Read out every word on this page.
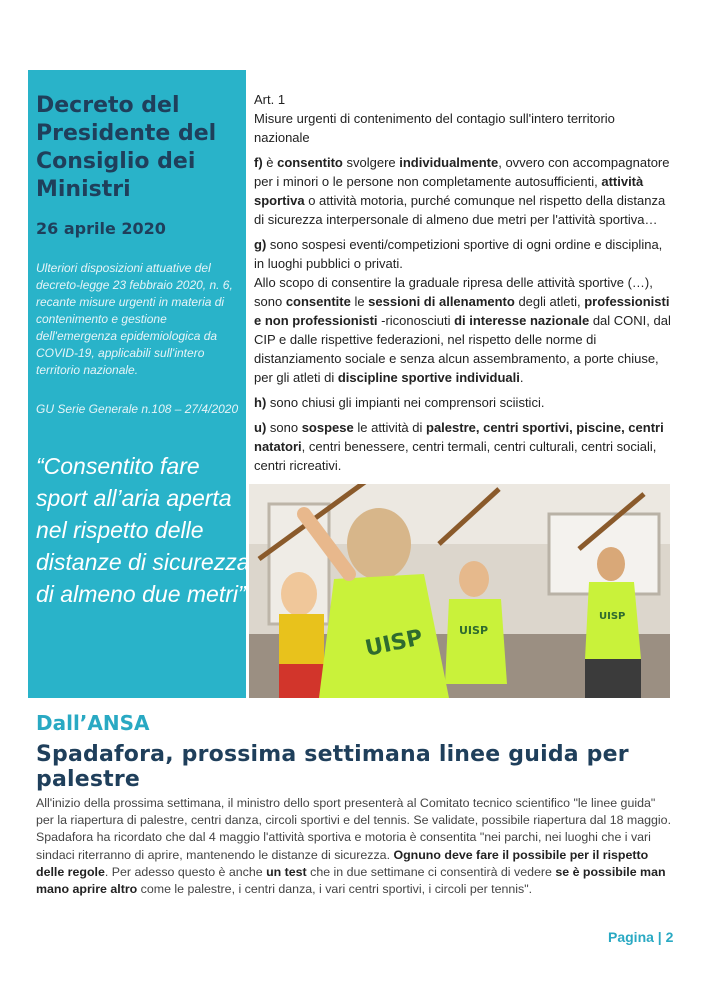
Decreto del Presidente del Consiglio dei Ministri

26 aprile 2020

Ulteriori disposizioni attuative del decreto-legge 23 febbraio 2020, n. 6, recante misure urgenti in materia di contenimento e gestione dell'emergenza epidemiologica da COVID-19, applicabili sull'intero territorio nazionale.

GU Serie Generale n.108 – 27/4/2020

“Consentito fare sport all’aria aperta nel rispetto delle distanze di sicurezza di almeno due metri”

Art. 1

Misure urgenti di contenimento del contagio sull'intero territorio nazionale

f) è consentito svolgere individualmente, ovvero con accompagnatore per i minori o le persone non completamente autosufficienti, attività sportiva o attività motoria, purché comunque nel rispetto della distanza di sicurezza interpersonale di almeno due metri per l'attività sportiva…

g) sono sospesi eventi/competizioni sportive di ogni ordine e disciplina, in luoghi pubblici o privati.
Allo scopo di consentire la graduale ripresa delle attività sportive (…), sono consentite le sessioni di allenamento degli atleti, professionisti e non professionisti -riconosciuti di interesse nazionale dal CONI, dal CIP e dalle rispettive federazioni, nel rispetto delle norme di distanziamento sociale e senza alcun assembramento, a porte chiuse, per gli atleti di discipline sportive individuali.

h) sono chiusi gli impianti nei comprensori sciistici.

u) sono sospese le attività di palestre, centri sportivi, piscine, centri natatori, centri benessere, centri termali, centri culturali, centri sociali, centri ricreativi.

UISP	UISP
UISP
Dall’ANSA
Spadafora, prossima settimana linee guida per palestre

All'inizio della prossima settimana, il ministro dello sport presenterà al Comitato tecnico scientifico "le linee guida" per la riapertura di palestre, centri danza, circoli sportivi e del tennis. Se validate, possibile riapertura dal 18 maggio.

Spadafora ha ricordato che dal 4 maggio l'attività sportiva e motoria è consentita "nei parchi, nei luoghi che i vari sindaci riterranno di aprire, mantenendo le distanze di sicurezza. Ognuno deve fare il possibile per il rispetto delle regole. Per adesso questo è anche un test che in due settimane ci consentirà di vedere se è possibile man mano aprire altro come le palestre, i centri danza, i vari centri sportivi, i circoli per tennis".

Pagina | 2
